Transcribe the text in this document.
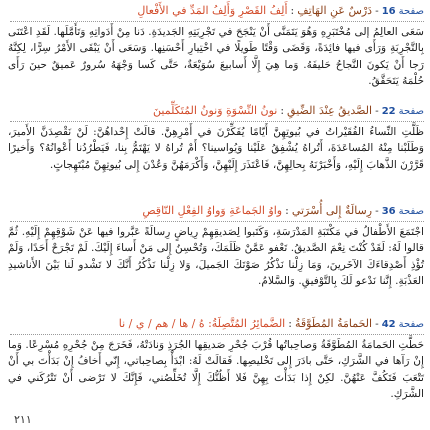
صفحة
16
-
دَرْسٌ عَنِ الهَاتِفِ
:
أَلِفُ القَصْرِ وَأَلِفُ المَدِّ في الأَفْعالِ
سَعَى العالِمُ إلى مُخْتَبَرِهِ وَهُوَ يَتَمَنَّى أَنْ يَنْجَحَ في تَجْرِبَتِهِ الجَديدَةِ. دَنا مِنْ أَدَواتِهِ وَتَأَمَّلَها. لَقَدِ اعْتَنَى بِالتَّجْرِبَةِ وَرَأَى فيها فائِدَةً، وَقَضَى وَقْتًا طَويلًا في اخْتِيارِ أَحْسَنِها. وَسَعَى أَنْ يَبْقَى الأَمْرُ سِرًّا، لِكِنَّهُ رَجا أَنْ يَكونَ النَّجاحُ حَليفَهُ. وَما هِيَ إِلَّا أَسابيعَ سُوَيْعَةٌ، حَتَّى كَسا وَجْهَهُ سُرورٌ عَميقٌ حينَ رَأَى حُلْمَهُ يَتَحَقَّقُ.
صفحة
22
-
الصَّديقُ عِنْدَ الضِّيقِ
:
نونُ النِّسْوَةِ وَنونُ المُتَكَلِّمينَ
ظَلَّتِ النِّساءُ الفُقَيْراتُ في بُيوتِهِنَّ أَيّامًا يُفَكِّرْنَ في أَمْرِهِنَّ. قالَتْ إِحْداهُنَّ: لَنْ نَقْصِدَنَّ الأَميرَ، وَطَلَبْنا مِنْهُ المُساعَدَةَ، أَتُراهُ يُشْفِقُ عَلَيْنا وَيُواسينا؟ أَمْ تُراهُ لا يَهْتَمُّ بِنا، فَيَطْرُدُنا أَعْوانُهُ؟ وَأَخيرًا قَرَّرْنَ الذَّهابَ إِلَيْهِ، وَأَخْبَرْنَهُ بِحالِهِنَّ، فَاعْتَذَرَ إِلَيْهِنَّ، وَأَكْرَمَهُنَّ وَعُدْنَ إِلى بُيوتِهِنَّ مُبْتَهِجاتٍ.
صفحة
36
-
رِسالَةٌ إِلى أُسْرَتي
:
واوُ الجَماعَةِ وَواوُ الفِعْلِ النّاقِصِ
اجْتَمَعَ الأَطْفالُ في مَكْتَبَةِ المَدْرَسَةِ، وَكَتَبوا لِصَديقِهِمْ رِياضٍ رِسالَةً عَبَّروا فيها عَنْ شَوْقِهِمْ إِلَيْهِ. ثُمَّ قالوا لَهُ: لَقَدْ كُنْتَ نِعْمَ الصَّديقُ. تَعْفو عَمَّنْ ظَلَمَكَ، وَتُحْسِنُ إِلى مَنْ أَساءَ إِلَيْكَ. لَمْ تَجْرَحْ أَحَدًا، وَلَمْ تُؤْذِ أَصْدِقاءَكَ الآخَرينَ، وَمَا زِلْنا نَذْكُرُ صَوْتَكَ الجَميلَ، وَلا زِلْنا نَذْكُرُ أَنَّكَ لا تَشْدو لَنا بَيْنَ الأَناشيدِ العَذْبَةِ. إِنَّنا نَدْعو لَكَ بِالتَّوْفيقِ. وَالسَّلامُ.
صفحة
42
-
الحَمامَةُ المُطَوَّقَةُ
:
الضَّمائِرُ المُتَّصِلَةُ: هُ / ها / هم / ي / نا
حَطَّتِ الحَمامَةُ المُطَوَّقَةُ وَصاحِباتُها قُرْبَ جُحْرِ صَديقِها الجُرَذِ وَنادَتْهُ، فَخَرَجَ مِنْ جُحْرِهِ مُسْرِعًا. وَما إِنْ رَآها في الشَّرَكِ، حَتَّى بادَرَ إِلى تَخْليصِها. فَقالَتْ لَهُ: ابْدَأْ بِصاحِباتي، إِنّي أَخافُ إِنْ بَدَأْتَ بي أَنْ تَتْعَبَ فَتَكُفَّ عَنْهُنَّ. لكِنْ إِذا بَدَأْتَ بِهِنَّ فَلا أَظُنُّكَ إِلَّا تُخَلِّصُني، فَإِنَّكَ لا تَرْضى أَنْ تَتْرُكَني في الشَّرَكِ.
٢١١
